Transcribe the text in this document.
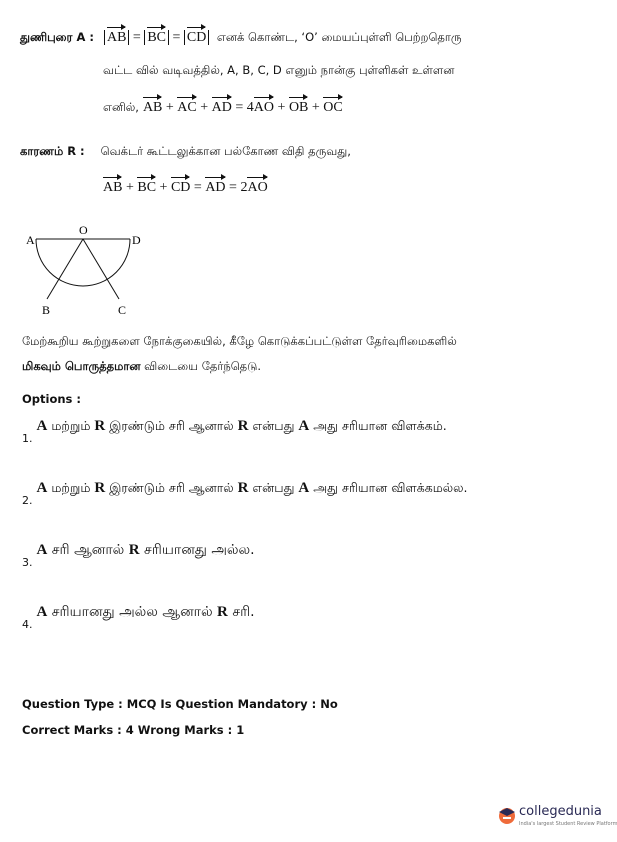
துணிபுரை A : AB = BC = CD எனக் கொண்ட, ‘O’ மையப்புள்ளி பெற்றதொரு
வட்ட வில் வடிவத்தில், A, B, C, D எனும் நான்கு புள்ளிகள் உள்ளன
எனில், AB + AC + AD = 4AO + OB + OC
காரணம் R : வெக்டர் கூட்டலுக்கான பல்கோண விதி தருவது,
AB + BC + CD = AD = 2AO
A
O
D
B	C
மேற்கூறிய கூற்றுகளை நோக்குகையில், கீழே கொடுக்கப்பட்டுள்ள தேர்வுரிமைகளில்
மிகவும் பொருத்தமான விடையை தேர்ந்தெடு.
Options :
$_{1.}$ A மற்றும் R இரண்டும் சரி ஆனால் R என்பது A அது சரியான விளக்கம்.
$_{2.}$ A மற்றும் R இரண்டும் சரி ஆனால் R என்பது A அது சரியான விளக்கமல்ல.
$_{3.}$ A சரி ஆனால் R சரியானது அல்ல.
$_{4.}$ A சரியானது அல்ல ஆனால் R சரி.
Question Type : MCQ Is Question Mandatory : No
Correct Marks : 4 Wrong Marks : 1
collegedunia
India's largest Student Review Platform
